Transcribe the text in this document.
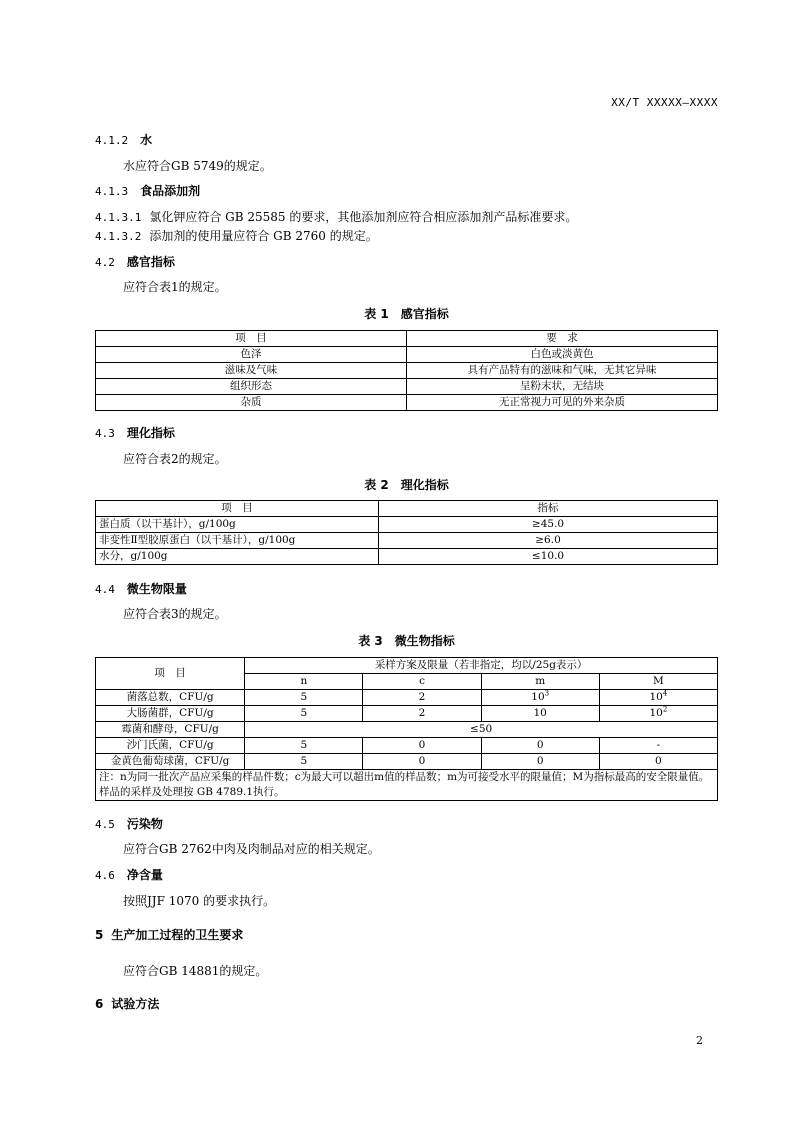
XX/T XXXXX—XXXX
4.1.2 水
水应符合GB 5749的规定。
4.1.3 食品添加剂
4.1.3.1 氯化钾应符合 GB 25585 的要求，其他添加剂应符合相应添加剂产品标准要求。
4.1.3.2 添加剂的使用量应符合 GB 2760 的规定。
4.2 感官指标
应符合表1的规定。
表 1　感官指标
项　目	要　求
色泽	白色或淡黄色
滋味及气味	具有产品特有的滋味和气味，无其它异味
组织形态	呈粉末状，无结块
杂质	无正常视力可见的外来杂质
4.3 理化指标
应符合表2的规定。
表 2　理化指标
项　目	指标
蛋白质（以干基计），g/100g	≥45.0
非变性Ⅱ型胶原蛋白（以干基计），g/100g	≥6.0
水分，g/100g	≤10.0
4.4 微生物限量
应符合表3的规定。
表 3　微生物指标
项　目	采样方案及限量（若非指定，均以/25g表示）			
	n	c	m	M
菌落总数，CFU/g	5	2	$10^3$	$10^4$
大肠菌群，CFU/g	5	2	10	$10^2$
霉菌和酵母，CFU/g	≤50			
沙门氏菌，CFU/g	5	0	0	-
金黄色葡萄球菌，CFU/g	5	0	0	0
注：n为同一批次产品应采集的样品件数；c为最大可以超出m值的样品数；m为可接受水平的限量值；M为指标最高的安全限量值。样品的采样及处理按 GB 4789.1执行。				
4.5 污染物
应符合GB 2762中肉及肉制品对应的相关规定。
4.6 净含量
按照JJF 1070 的要求执行。
5 生产加工过程的卫生要求
应符合GB 14881的规定。
6 试验方法
2
